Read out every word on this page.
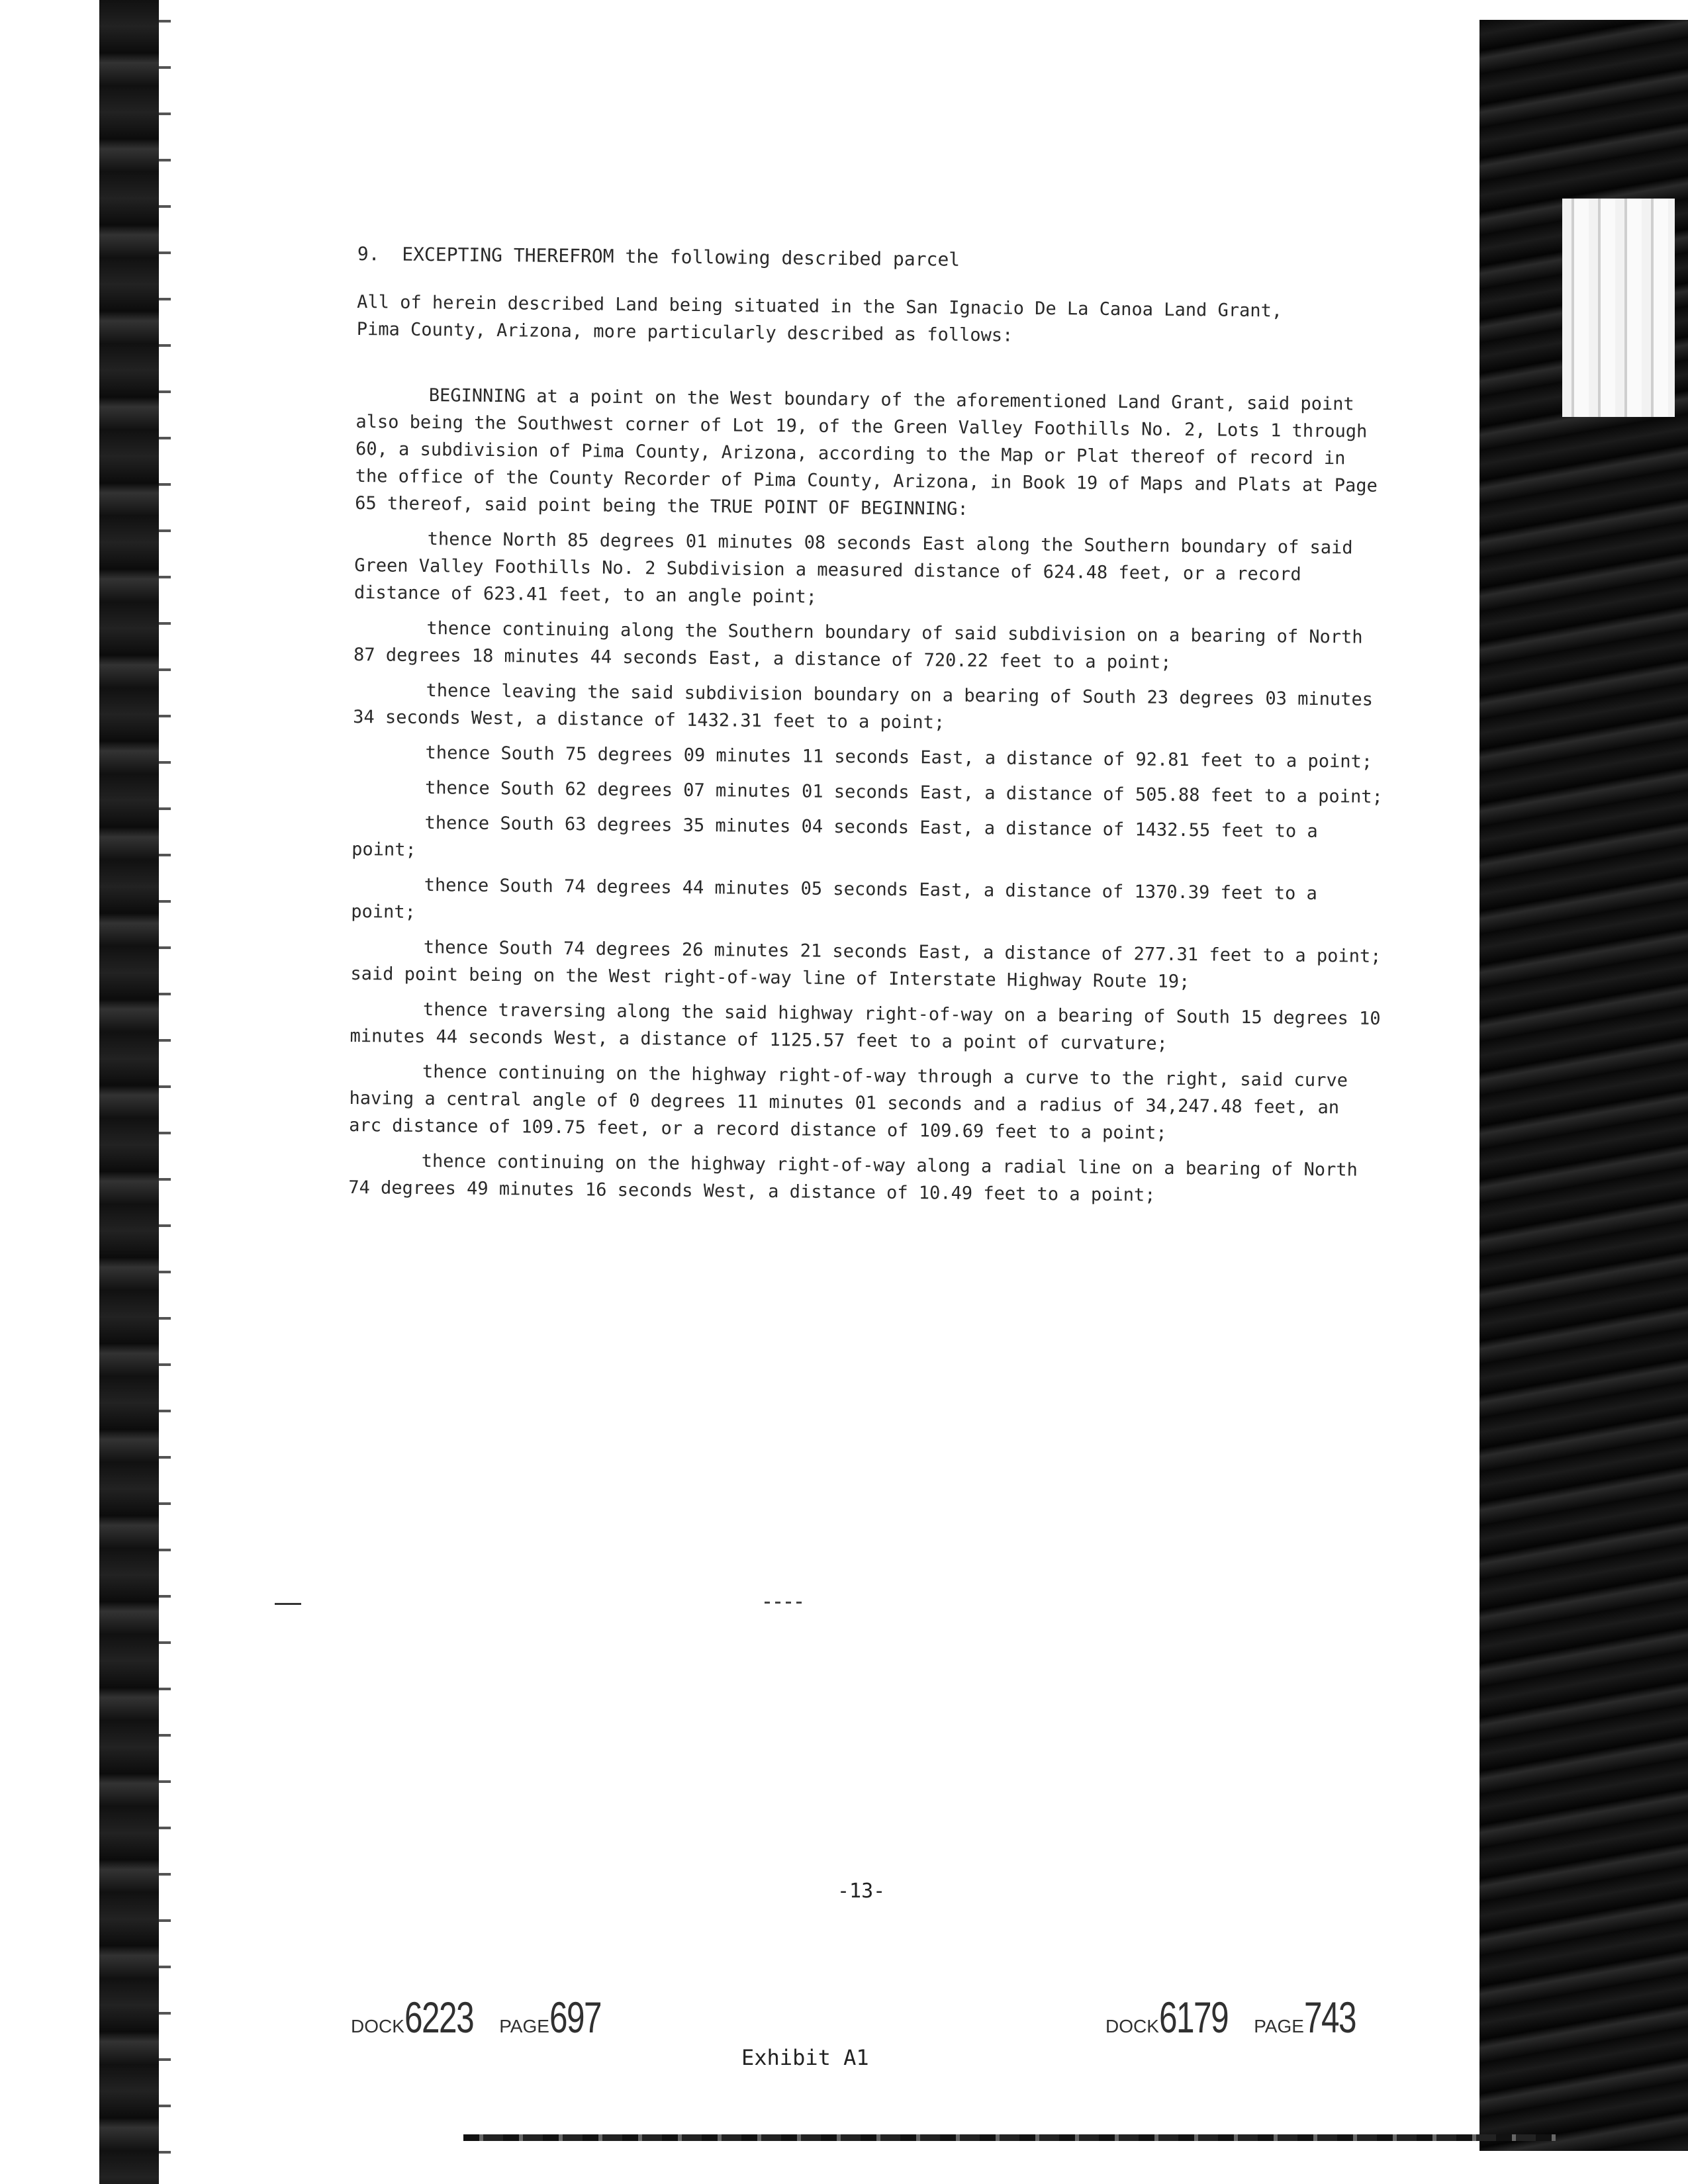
9.  EXCEPTING THEREFROM the following described parcel
All of herein described Land being situated in the San Ignacio De La Canoa Land Grant, Pima County, Arizona, more particularly described as follows:

BEGINNING at a point on the West boundary of the aforementioned Land Grant, said point also being the Southwest corner of Lot 19, of the Green Valley Foothills No. 2, Lots 1 through 60, a subdivision of Pima County, Arizona, according to the Map or Plat thereof of record in the office of the County Recorder of Pima County, Arizona, in Book 19 of Maps and Plats at Page 65 thereof, said point being the TRUE POINT OF BEGINNING:

thence North 85 degrees 01 minutes 08 seconds East along the Southern boundary of said Green Valley Foothills No. 2 Subdivision a measured distance of 624.48 feet, or a record distance of 623.41 feet, to an angle point;

thence continuing along the Southern boundary of said subdivision on a bearing of North 87 degrees 18 minutes 44 seconds East, a distance of 720.22 feet to a point;

thence leaving the said subdivision boundary on a bearing of South 23 degrees 03 minutes 34 seconds West, a distance of 1432.31 feet to a point;

thence South 75 degrees 09 minutes 11 seconds East, a distance of 92.81 feet to a point;

thence South 62 degrees 07 minutes 01 seconds East, a distance of 505.88 feet to a point;

thence South 63 degrees 35 minutes 04 seconds East, a distance of 1432.55 feet to a point;

thence South 74 degrees 44 minutes 05 seconds East, a distance of 1370.39 feet to a point;

thence South 74 degrees 26 minutes 21 seconds East, a distance of 277.31 feet to a point; said point being on the West right-of-way line of Interstate Highway Route 19;

thence traversing along the said highway right-of-way on a bearing of South 15 degrees 10 minutes 44 seconds West, a distance of 1125.57 feet to a point of curvature;

thence continuing on the highway right-of-way through a curve to the right, said curve having a central angle of 0 degrees 11 minutes 01 seconds and a radius of 34,247.48 feet, an arc distance of 109.75 feet, or a record distance of 109.69 feet to a point;

thence continuing on the highway right-of-way along a radial line on a bearing of North 74 degrees 49 minutes 16 seconds West, a distance of 10.49 feet to a point;

-13-
DOCK6223 PAGE697	DOCK6179 PAGE743
Exhibit A1
